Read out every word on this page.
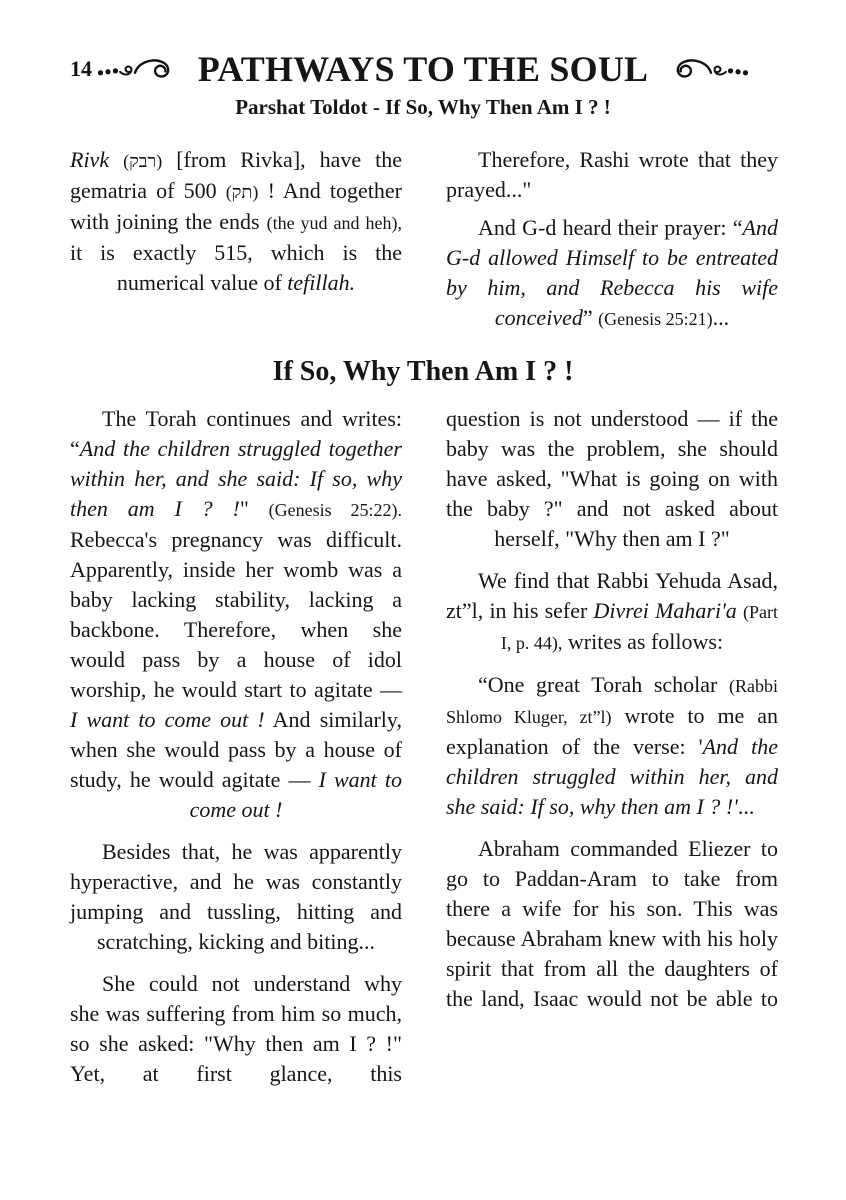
14	PATHWAYS TO THE SOUL
Parshat Toldot - If So, Why Then Am I ? !

Rivk (רבק) [from Rivka], have the gematria of 500 (תק) ! And together with joining the ends (the yud and heh), it is exactly 515, which is the numerical value of tefillah.

Therefore, Rashi wrote that they prayed..."

And G-d heard their prayer: “And G-d allowed Himself to be entreated by him, and Rebecca his wife conceived” (Genesis 25:21)...

If So, Why Then Am I ? !

The Torah continues and writes: “And the children struggled together within her, and she said: If so, why then am I ? !" (Genesis 25:22). Rebecca's pregnancy was difficult. Apparently, inside her womb was a baby lacking stability, lacking a backbone. Therefore, when she would pass by a house of idol worship, he would start to agitate — I want to come out ! And similarly, when she would pass by a house of study, he would agitate — I want to come out !

Besides that, he was apparently hyperactive, and he was constantly jumping and tussling, hitting and scratching, kicking and biting...

She could not understand why she was suffering from him so much, so she asked: "Why then am I ? !" Yet, at first glance, this

question is not understood — if the baby was the problem, she should have asked, "What is going on with the baby ?" and not asked about herself, "Why then am I ?"

We find that Rabbi Yehuda Asad, zt”l, in his sefer Divrei Mahari'a (Part I, p. 44), writes as follows:

“One great Torah scholar (Rabbi Shlomo Kluger, zt”l) wrote to me an explanation of the verse: 'And the children struggled within her, and she said: If so, why then am I ? !'...

Abraham commanded Eliezer to go to Paddan-Aram to take from there a wife for his son. This was because Abraham knew with his holy spirit that from all the daughters of the land, Isaac would not be able to
